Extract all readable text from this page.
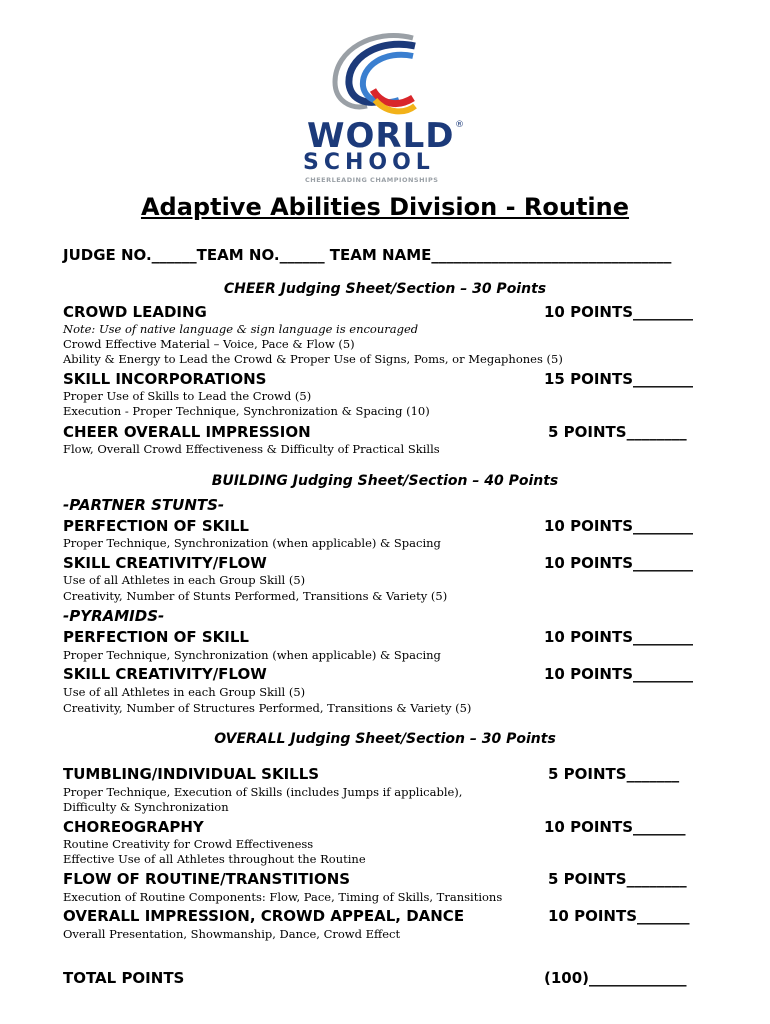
WORLD ®
SCHOOL
CHEERLEADING CHAMPIONSHIPS
Adaptive Abilities Division - Routine
JUDGE NO.______TEAM NO.______ TEAM NAME________________________________
CHEER Judging Sheet/Section – 30 Points
CROWD LEADING	10 POINTS________
Note: Use of native language & sign language is encouraged
Crowd Effective Material – Voice, Pace & Flow (5)
Ability & Energy to Lead the Crowd & Proper Use of Signs, Poms, or Megaphones (5)
SKILL INCORPORATIONS	15 POINTS________
Proper Use of Skills to Lead the Crowd (5)
Execution - Proper Technique, Synchronization & Spacing (10)
CHEER OVERALL IMPRESSION	5 POINTS________
Flow, Overall Crowd Effectiveness & Difficulty of Practical Skills
BUILDING Judging Sheet/Section – 40 Points
-PARTNER STUNTS-
PERFECTION OF SKILL	10 POINTS________
Proper Technique, Synchronization (when applicable) & Spacing
SKILL CREATIVITY/FLOW	10 POINTS________
Use of all Athletes in each Group Skill (5)
Creativity, Number of Stunts Performed, Transitions & Variety (5)
-PYRAMIDS-
PERFECTION OF SKILL	10 POINTS________
Proper Technique, Synchronization (when applicable) & Spacing
SKILL CREATIVITY/FLOW	10 POINTS________
Use of all Athletes in each Group Skill (5)
Creativity, Number of Structures Performed, Transitions & Variety (5)
OVERALL Judging Sheet/Section – 30 Points
TUMBLING/INDIVIDUAL SKILLS	5 POINTS_______
Proper Technique, Execution of Skills (includes Jumps if applicable),
Difficulty & Synchronization
CHOREOGRAPHY	10 POINTS_______
Routine Creativity for Crowd Effectiveness
Effective Use of all Athletes throughout the Routine
FLOW OF ROUTINE/TRANSTITIONS	5 POINTS________
Execution of Routine Components: Flow, Pace, Timing of Skills, Transitions
OVERALL IMPRESSION, CROWD APPEAL, DANCE	10 POINTS_______
Overall Presentation, Showmanship, Dance, Crowd Effect
TOTAL POINTS	(100)_____________
